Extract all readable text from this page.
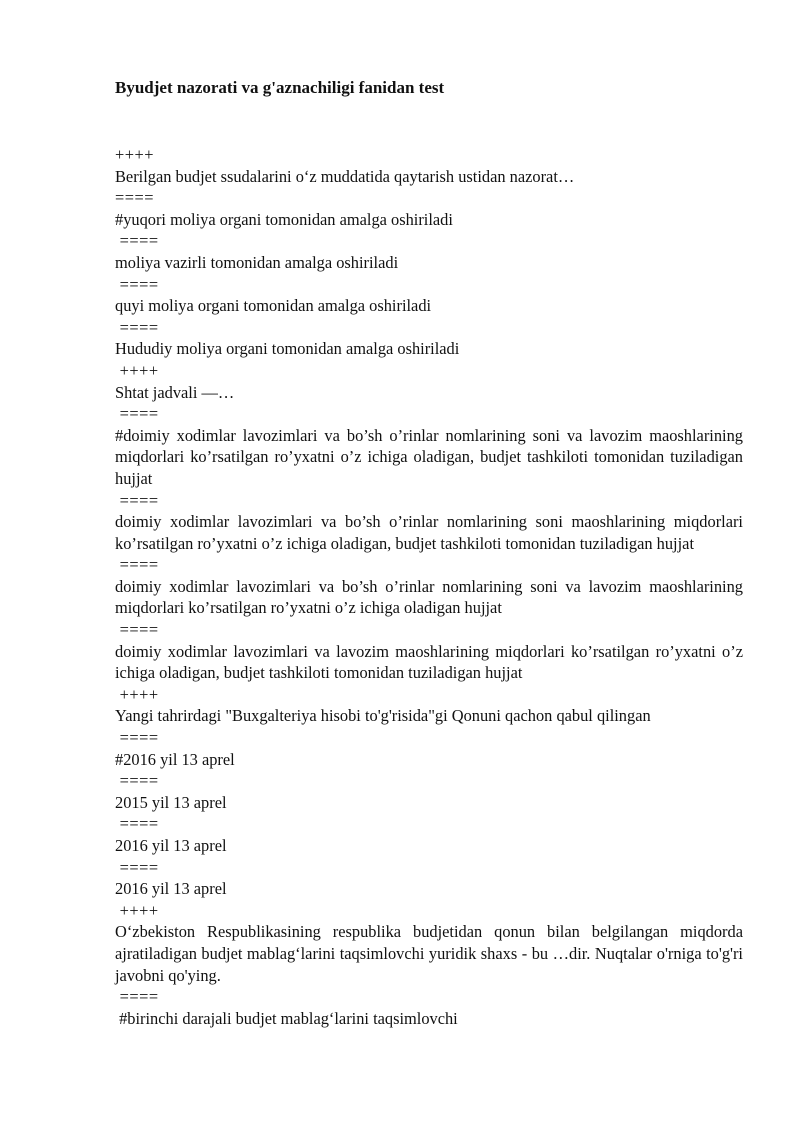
Byudjet nazorati va g'aznachiligi fanidan test
++++
Berilgan budjet ssudalarini o‘z muddatida qaytarish ustidan nazorat…
====
#yuqori moliya organi tomonidan amalga oshiriladi
====
moliya vazirli tomonidan amalga oshiriladi
====
quyi moliya organi tomonidan amalga oshiriladi
====
Hududiy moliya organi tomonidan amalga oshiriladi
++++
Shtat jadvali —…
====
#doimiy xodimlar lavozimlari va bo’sh o’rinlar nomlarining soni va lavozim maoshlarining miqdorlari ko’rsatilgan ro’yxatni o’z ichiga oladigan, budjet tashkiloti tomonidan tuziladigan hujjat
====
doimiy xodimlar lavozimlari va bo’sh o’rinlar nomlarining soni maoshlarining miqdorlari ko’rsatilgan ro’yxatni o’z ichiga oladigan, budjet tashkiloti tomonidan tuziladigan hujjat
====
doimiy xodimlar lavozimlari va bo’sh o’rinlar nomlarining soni va lavozim maoshlarining miqdorlari ko’rsatilgan ro’yxatni o’z ichiga oladigan hujjat
====
doimiy xodimlar lavozimlari va lavozim maoshlarining miqdorlari ko’rsatilgan ro’yxatni o’z ichiga oladigan, budjet tashkiloti tomonidan tuziladigan hujjat
++++
Yangi tahrirdagi "Buxgalteriya hisobi to'g'risida"gi Qonuni qachon qabul qilingan
====
#2016 yil 13 aprel
====
2015 yil 13 aprel
====
2016 yil 13 aprel
====
2016 yil 13 aprel
++++
O‘zbekiston Respublikasining respublika budjetidan qonun bilan belgilangan miqdorda ajratiladigan budjet mablag‘larini taqsimlovchi yuridik shaxs - bu …dir. Nuqtalar o'rniga to'g'ri javobni qo'ying.
====
#birinchi darajali budjet mablag‘larini taqsimlovchi
